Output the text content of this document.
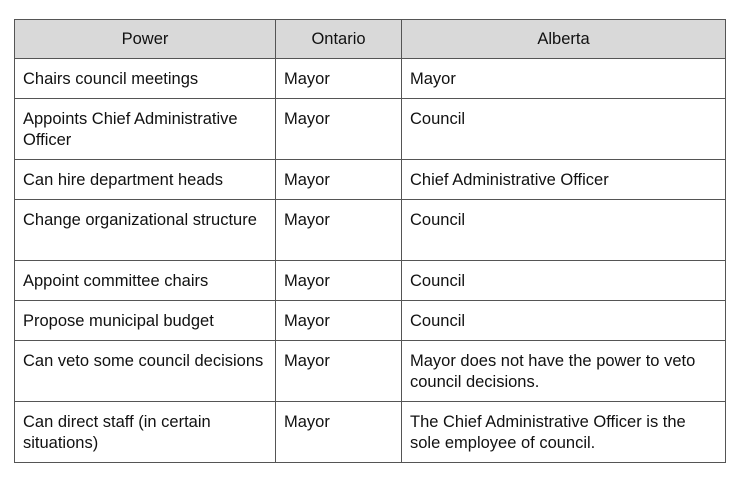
Power	Ontario	Alberta
Chairs council meetings	Mayor	Mayor
Appoints Chief Administrative Officer	Mayor	Council
Can hire department heads	Mayor	Chief Administrative Officer
Change organizational structure	Mayor	Council
Appoint committee chairs	Mayor	Council
Propose municipal budget	Mayor	Council
Can veto some council decisions	Mayor	Mayor does not have the power to veto council decisions.
Can direct staff (in certain situations)	Mayor	The Chief Administrative Officer is the sole employee of council.
